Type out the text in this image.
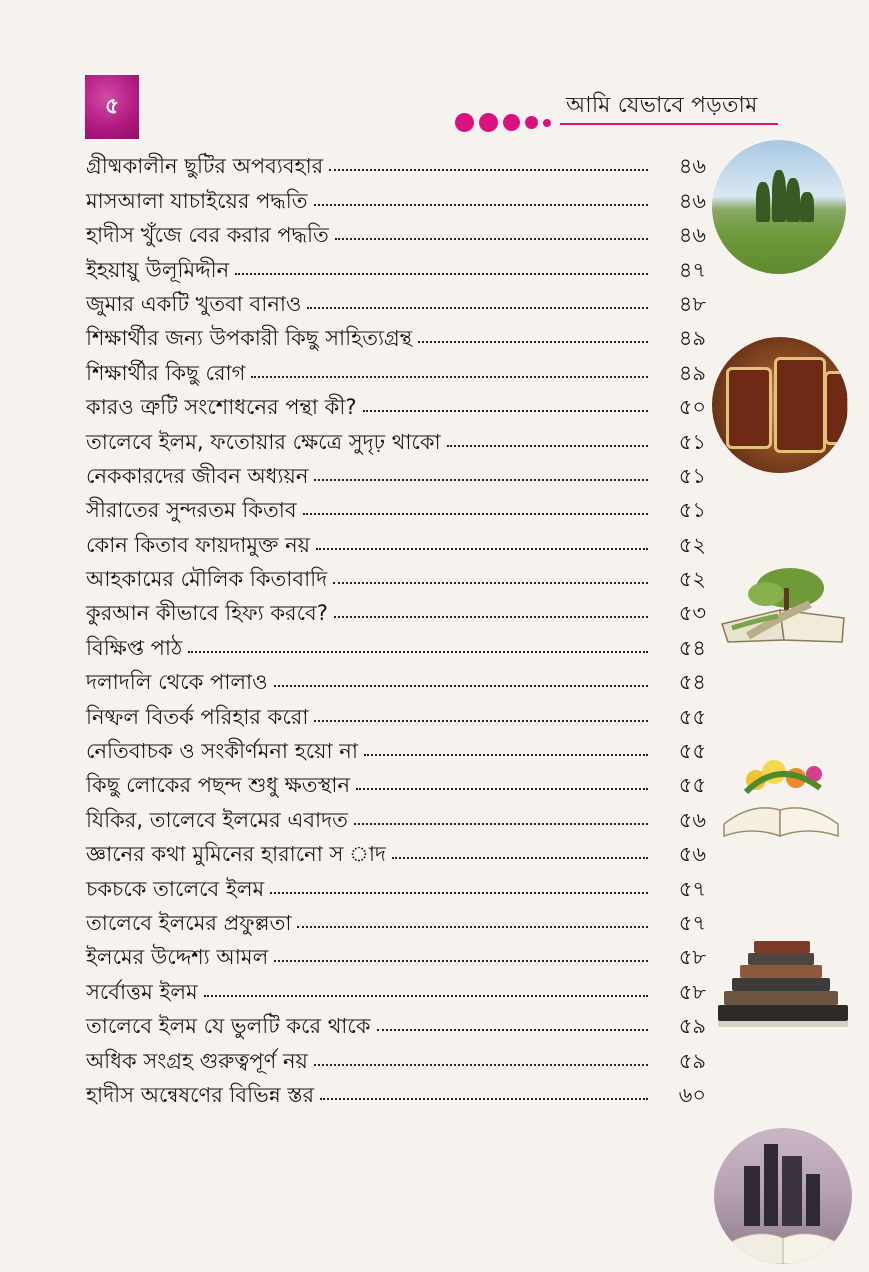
৫	আমি যেভাবে পড়তাম
গ্রীষ্মকালীন ছুটির অপব্যবহার	৪৬
মাসআলা যাচাইয়ের পদ্ধতি	৪৬
হাদীস খুঁজে বের করার পদ্ধতি	৪৬
ইহয়ায়ু উলূমিদ্দীন	৪৭
জুমার একটি খুতবা বানাও	৪৮
শিক্ষার্থীর জন্য উপকারী কিছু সাহিত্যগ্রন্থ	৪৯
শিক্ষার্থীর কিছু রোগ	৪৯
কারও ত্রুটি সংশোধনের পন্থা কী?	৫০
তালেবে ইলম, ফতোয়ার ক্ষেত্রে সুদৃঢ় থাকো	৫১
নেককারদের জীবন অধ্যয়ন	৫১
সীরাতের সুন্দরতম কিতাব	৫১
কোন কিতাব ফায়দামুক্ত নয়	৫২
আহকামের মৌলিক কিতাবাদি	৫২
কুরআন কীভাবে হিফ্য করবে?	৫৩
বিক্ষিপ্ত পাঠ	৫৪
দলাদলি থেকে পালাও	৫৪
নিষ্ফল বিতর্ক পরিহার করো	৫৫
নেতিবাচক ও সংকীর্ণমনা হয়ো না	৫৫
কিছু লোকের পছন্দ শুধু ক্ষতস্থান	৫৫
যিকির, তালেবে ইলমের এবাদত	৫৬
জ্ঞানের কথা মুমিনের হারানো স াদ	৫৬
চকচকে তালেবে ইলম	৫৭
তালেবে ইলমের প্রফুল্লতা	৫৭
ইলমের উদ্দেশ্য আমল	৫৮
সর্বোত্তম ইলম	৫৮
তালেবে ইলম যে ভুলটি করে থাকে	৫৯
অধিক সংগ্রহ গুরুত্বপূর্ণ নয়	৫৯
হাদীস অন্বেষণের বিভিন্ন স্তর	৬০
